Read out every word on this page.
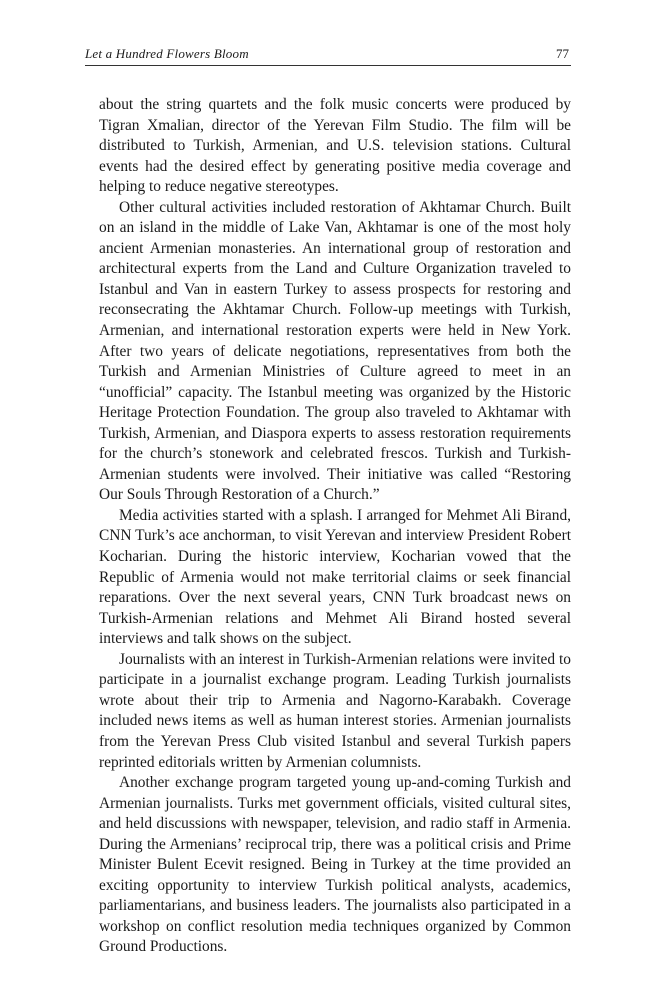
Let a Hundred Flowers Bloom	77

about the string quartets and the folk music concerts were produced by Tigran Xmalian, director of the Yerevan Film Studio. The film will be distributed to Turkish, Armenian, and U.S. television stations. Cultural events had the desired effect by generating positive media coverage and helping to reduce negative stereotypes.

Other cultural activities included restoration of Akhtamar Church. Built on an island in the middle of Lake Van, Akhtamar is one of the most holy ancient Armenian monasteries. An international group of restoration and architectural experts from the Land and Culture Organization traveled to Istanbul and Van in eastern Turkey to assess prospects for restoring and reconsecrating the Akhtamar Church. Follow-up meetings with Turkish, Armenian, and international restoration experts were held in New York. After two years of delicate negotiations, representatives from both the Turkish and Armenian Ministries of Culture agreed to meet in an “unofficial” capacity. The Istanbul meeting was organized by the Historic Heritage Protection Foundation. The group also traveled to Akhtamar with Turkish, Armenian, and Diaspora experts to assess restoration requirements for the church’s stonework and celebrated frescos. Turkish and Turkish-Armenian students were involved. Their initiative was called “Restoring Our Souls Through Restoration of a Church.”

Media activities started with a splash. I arranged for Mehmet Ali Birand, CNN Turk’s ace anchorman, to visit Yerevan and interview President Robert Kocharian. During the historic interview, Kocharian vowed that the Republic of Armenia would not make territorial claims or seek financial reparations. Over the next several years, CNN Turk broadcast news on Turkish-Armenian relations and Mehmet Ali Birand hosted several interviews and talk shows on the subject.

Journalists with an interest in Turkish-Armenian relations were invited to participate in a journalist exchange program. Leading Turkish journalists wrote about their trip to Armenia and Nagorno-Karabakh. Coverage included news items as well as human interest stories. Armenian journalists from the Yerevan Press Club visited Istanbul and several Turkish papers reprinted editorials written by Armenian columnists.

Another exchange program targeted young up-and-coming Turkish and Armenian journalists. Turks met government officials, visited cultural sites, and held discussions with newspaper, television, and radio staff in Armenia. During the Armenians’ reciprocal trip, there was a political crisis and Prime Minister Bulent Ecevit resigned. Being in Turkey at the time provided an exciting opportunity to interview Turkish political analysts, academics, parliamentarians, and business leaders. The journalists also participated in a workshop on conflict resolution media techniques organized by Common Ground Productions.
